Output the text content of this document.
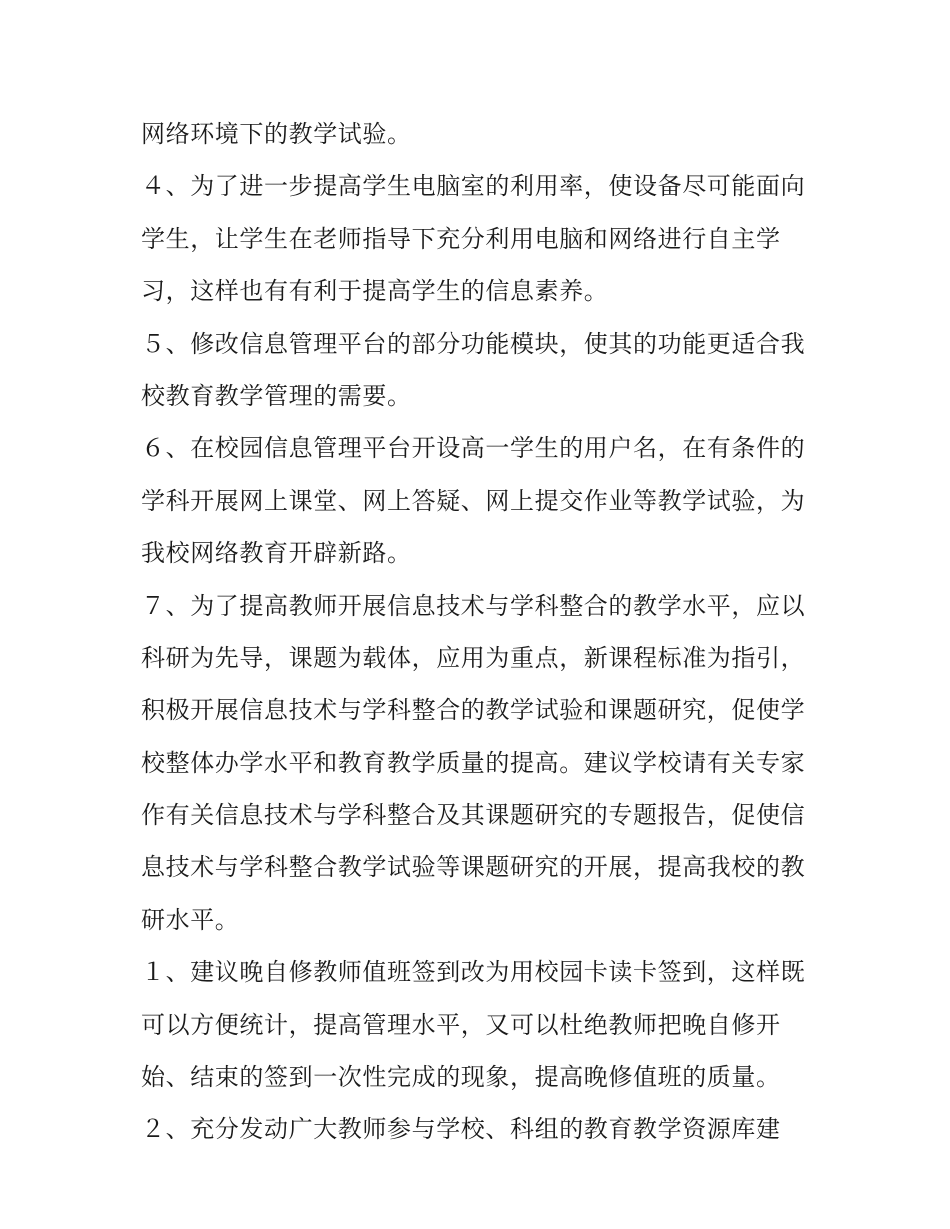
网络环境下的教学试验。
４、为了进一步提高学生电脑室的利用率，使设备尽可能面向
学生，让学生在老师指导下充分利用电脑和网络进行自主学
习，这样也有有利于提高学生的信息素养。
５、修改信息管理平台的部分功能模块，使其的功能更适合我
校教育教学管理的需要。
６、在校园信息管理平台开设高一学生的用户名，在有条件的
学科开展网上课堂、网上答疑、网上提交作业等教学试验，为
我校网络教育开辟新路。
７、为了提高教师开展信息技术与学科整合的教学水平，应以
科研为先导，课题为载体，应用为重点，新课程标准为指引，
积极开展信息技术与学科整合的教学试验和课题研究，促使学
校整体办学水平和教育教学质量的提高。建议学校请有关专家
作有关信息技术与学科整合及其课题研究的专题报告，促使信
息技术与学科整合教学试验等课题研究的开展，提高我校的教
研水平。
１、建议晚自修教师值班签到改为用校园卡读卡签到，这样既
可以方便统计，提高管理水平，又可以杜绝教师把晚自修开
始、结束的签到一次性完成的现象，提高晚修值班的质量。
２、充分发动广大教师参与学校、科组的教育教学资源库建
